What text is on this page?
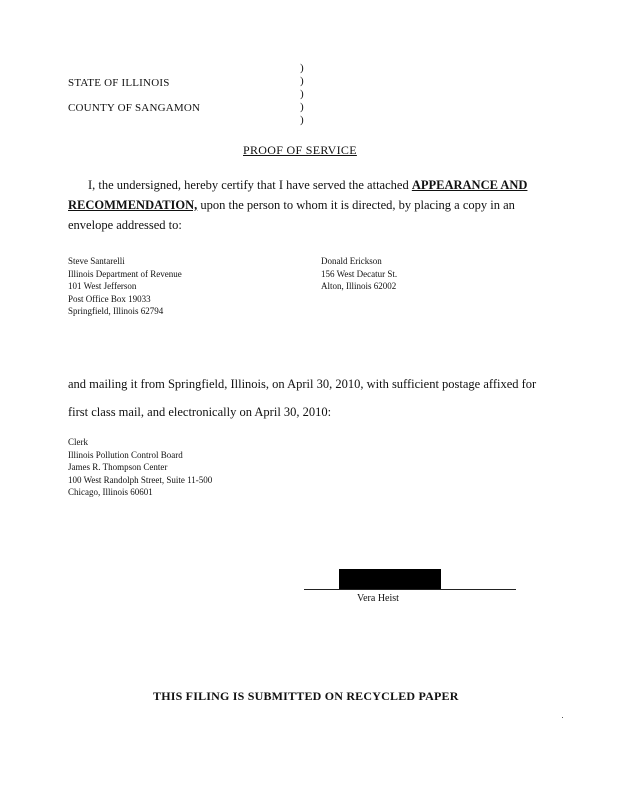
STATE OF ILLINOIS
COUNTY OF SANGAMON
)
)
)
)
)
PROOF OF SERVICE
I, the undersigned, hereby certify that I have served the attached APPEARANCE AND
RECOMMENDATION, upon the person to whom it is directed, by placing a copy in an
envelope addressed to:
Steve Santarelli
Illinois Department of Revenue
101 West Jefferson
Post Office Box 19033
Springfield, Illinois 62794
Donald Erickson
156 West Decatur St.
Alton, Illinois 62002
and mailing it from Springfield, Illinois, on April 30, 2010, with sufficient postage affixed for
first class mail, and electronically on April 30, 2010:
Clerk
Illinois Pollution Control Board
James R. Thompson Center
100 West Randolph Street, Suite 11-500
Chicago, Illinois 60601
Vera Heist
THIS FILING IS SUBMITTED ON RECYCLED PAPER
